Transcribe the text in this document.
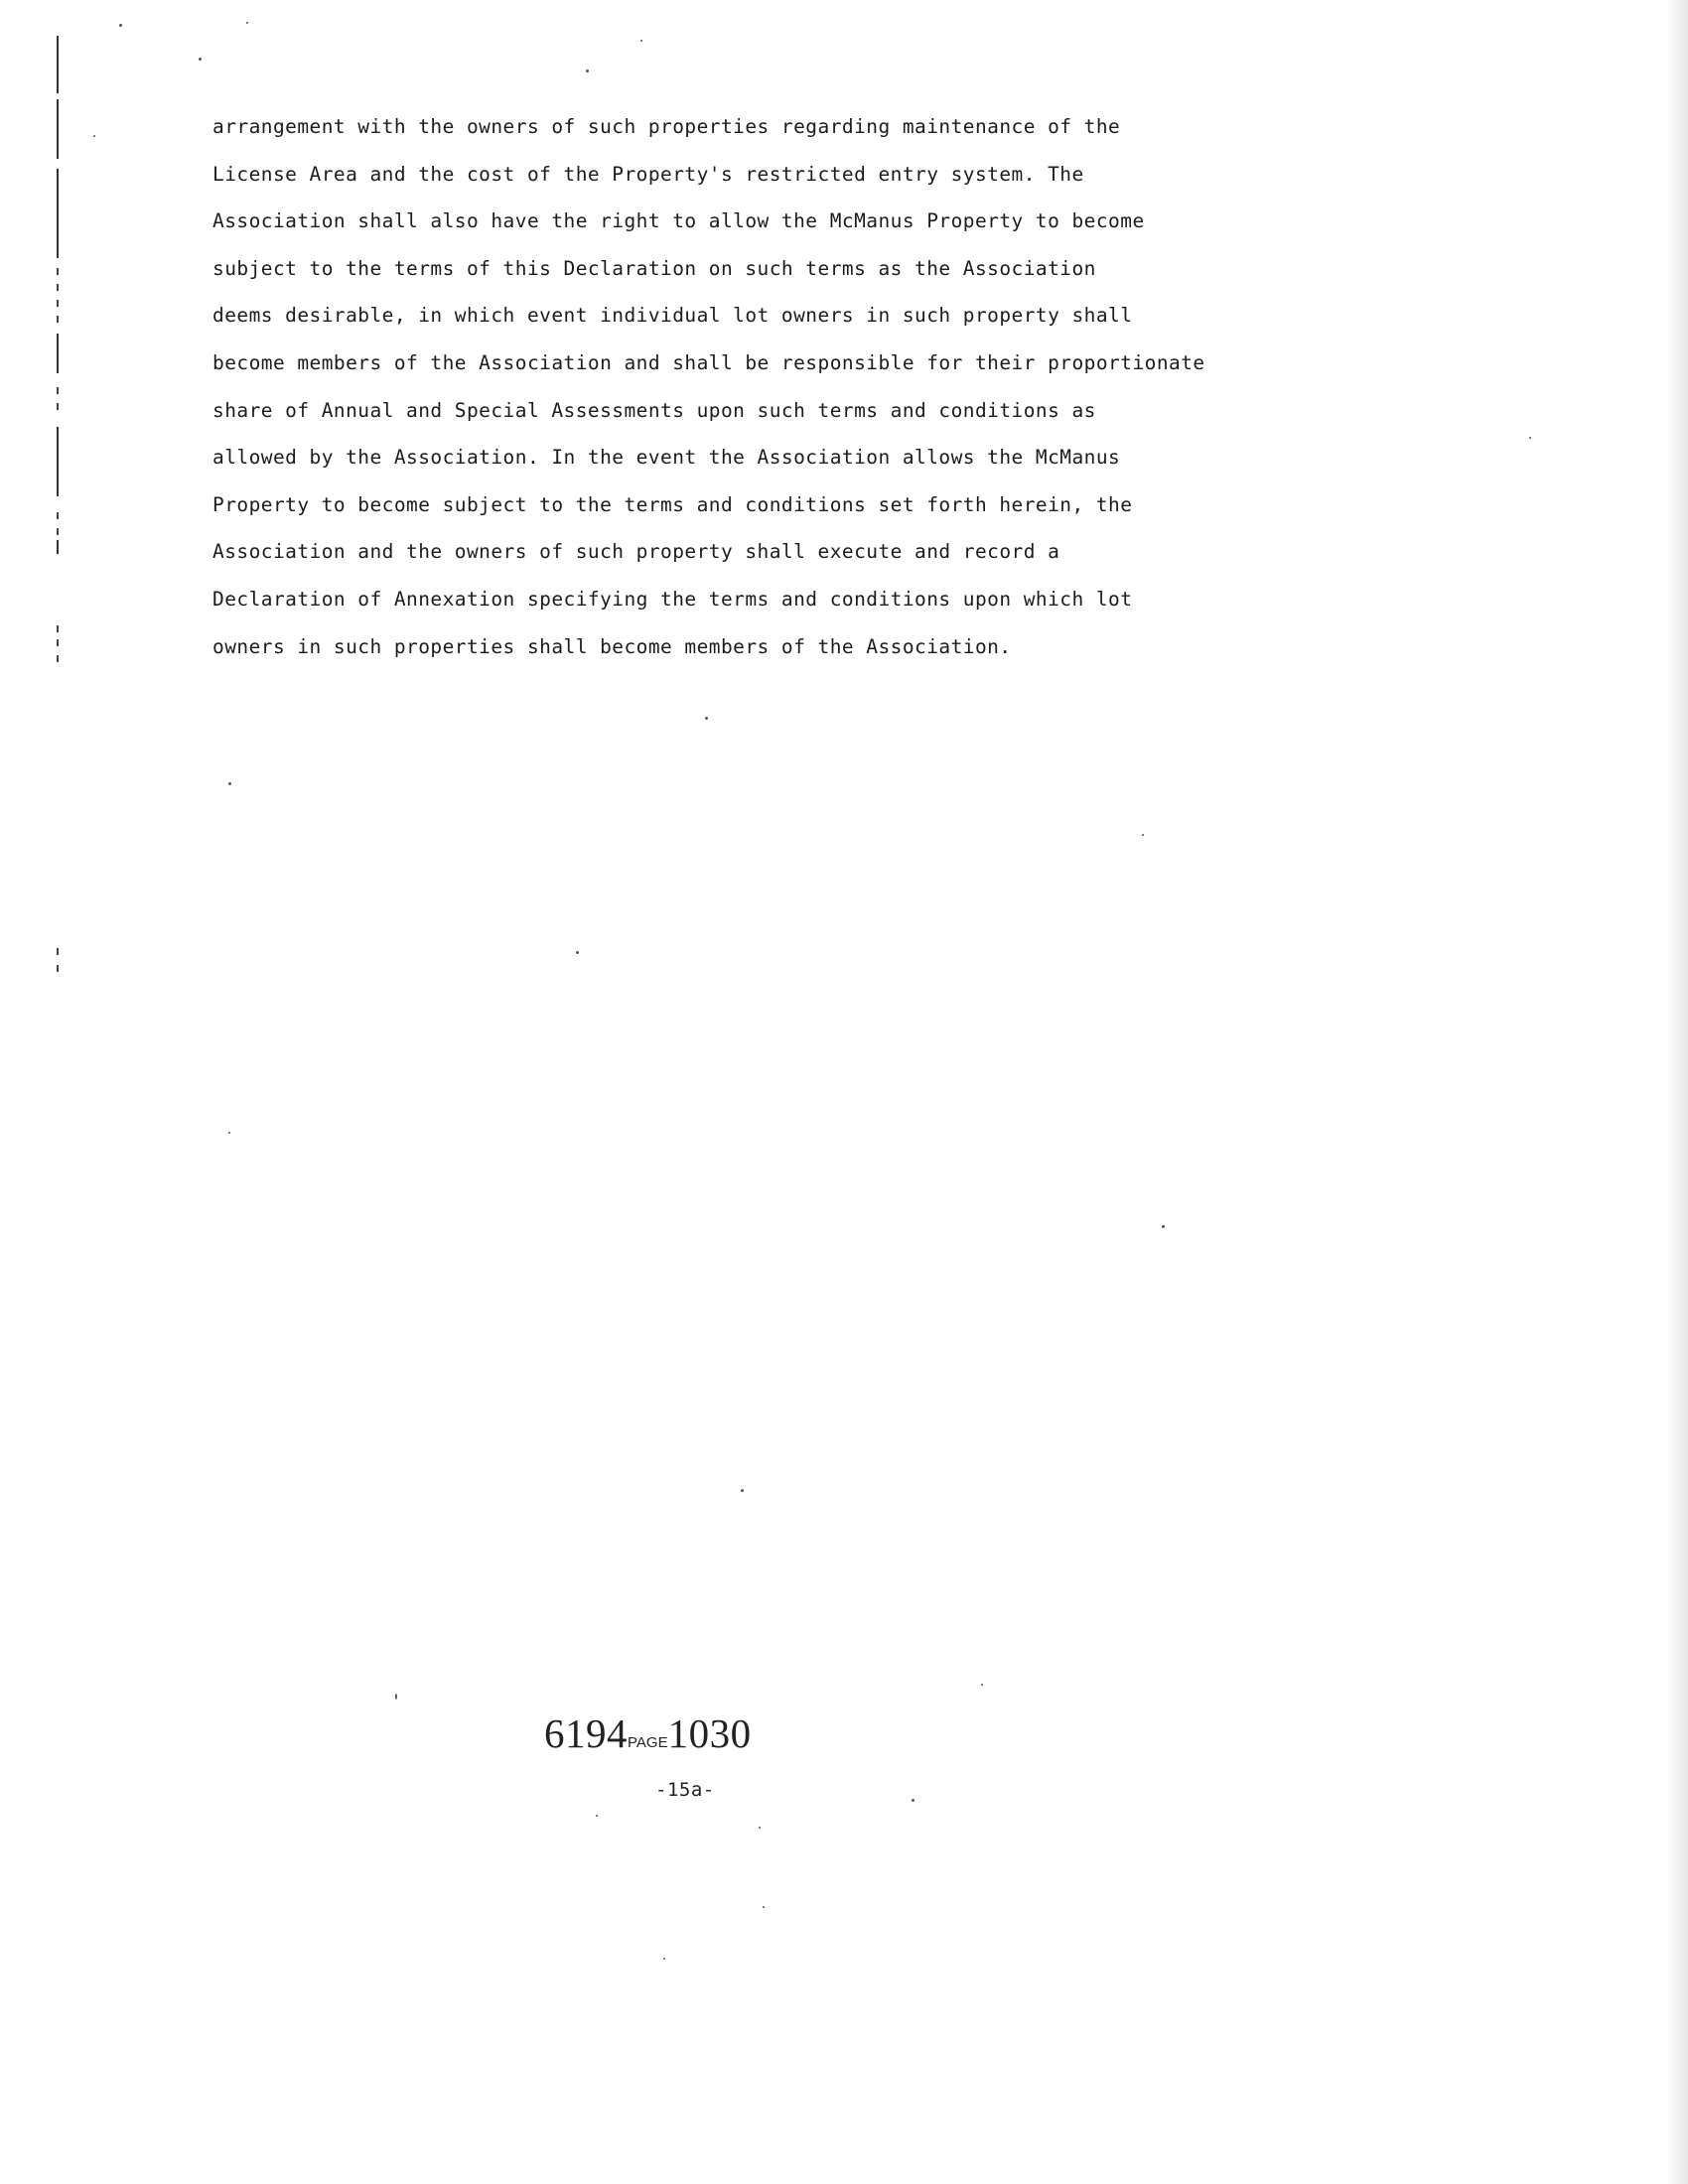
arrangement with the owners of such properties regarding maintenance of the
License Area and the cost of the Property's restricted entry system. The
Association shall also have the right to allow the McManus Property to become
subject to the terms of this Declaration on such terms as the Association
deems desirable, in which event individual lot owners in such property shall
become members of the Association and shall be responsible for their proportionate
share of Annual and Special Assessments upon such terms and conditions as
allowed by the Association. In the event the Association allows the McManus
Property to become subject to the terms and conditions set forth herein, the
Association and the owners of such property shall execute and record a
Declaration of Annexation specifying the terms and conditions upon which lot
owners in such properties shall become members of the Association.
6194PAGE1030
-15a-
